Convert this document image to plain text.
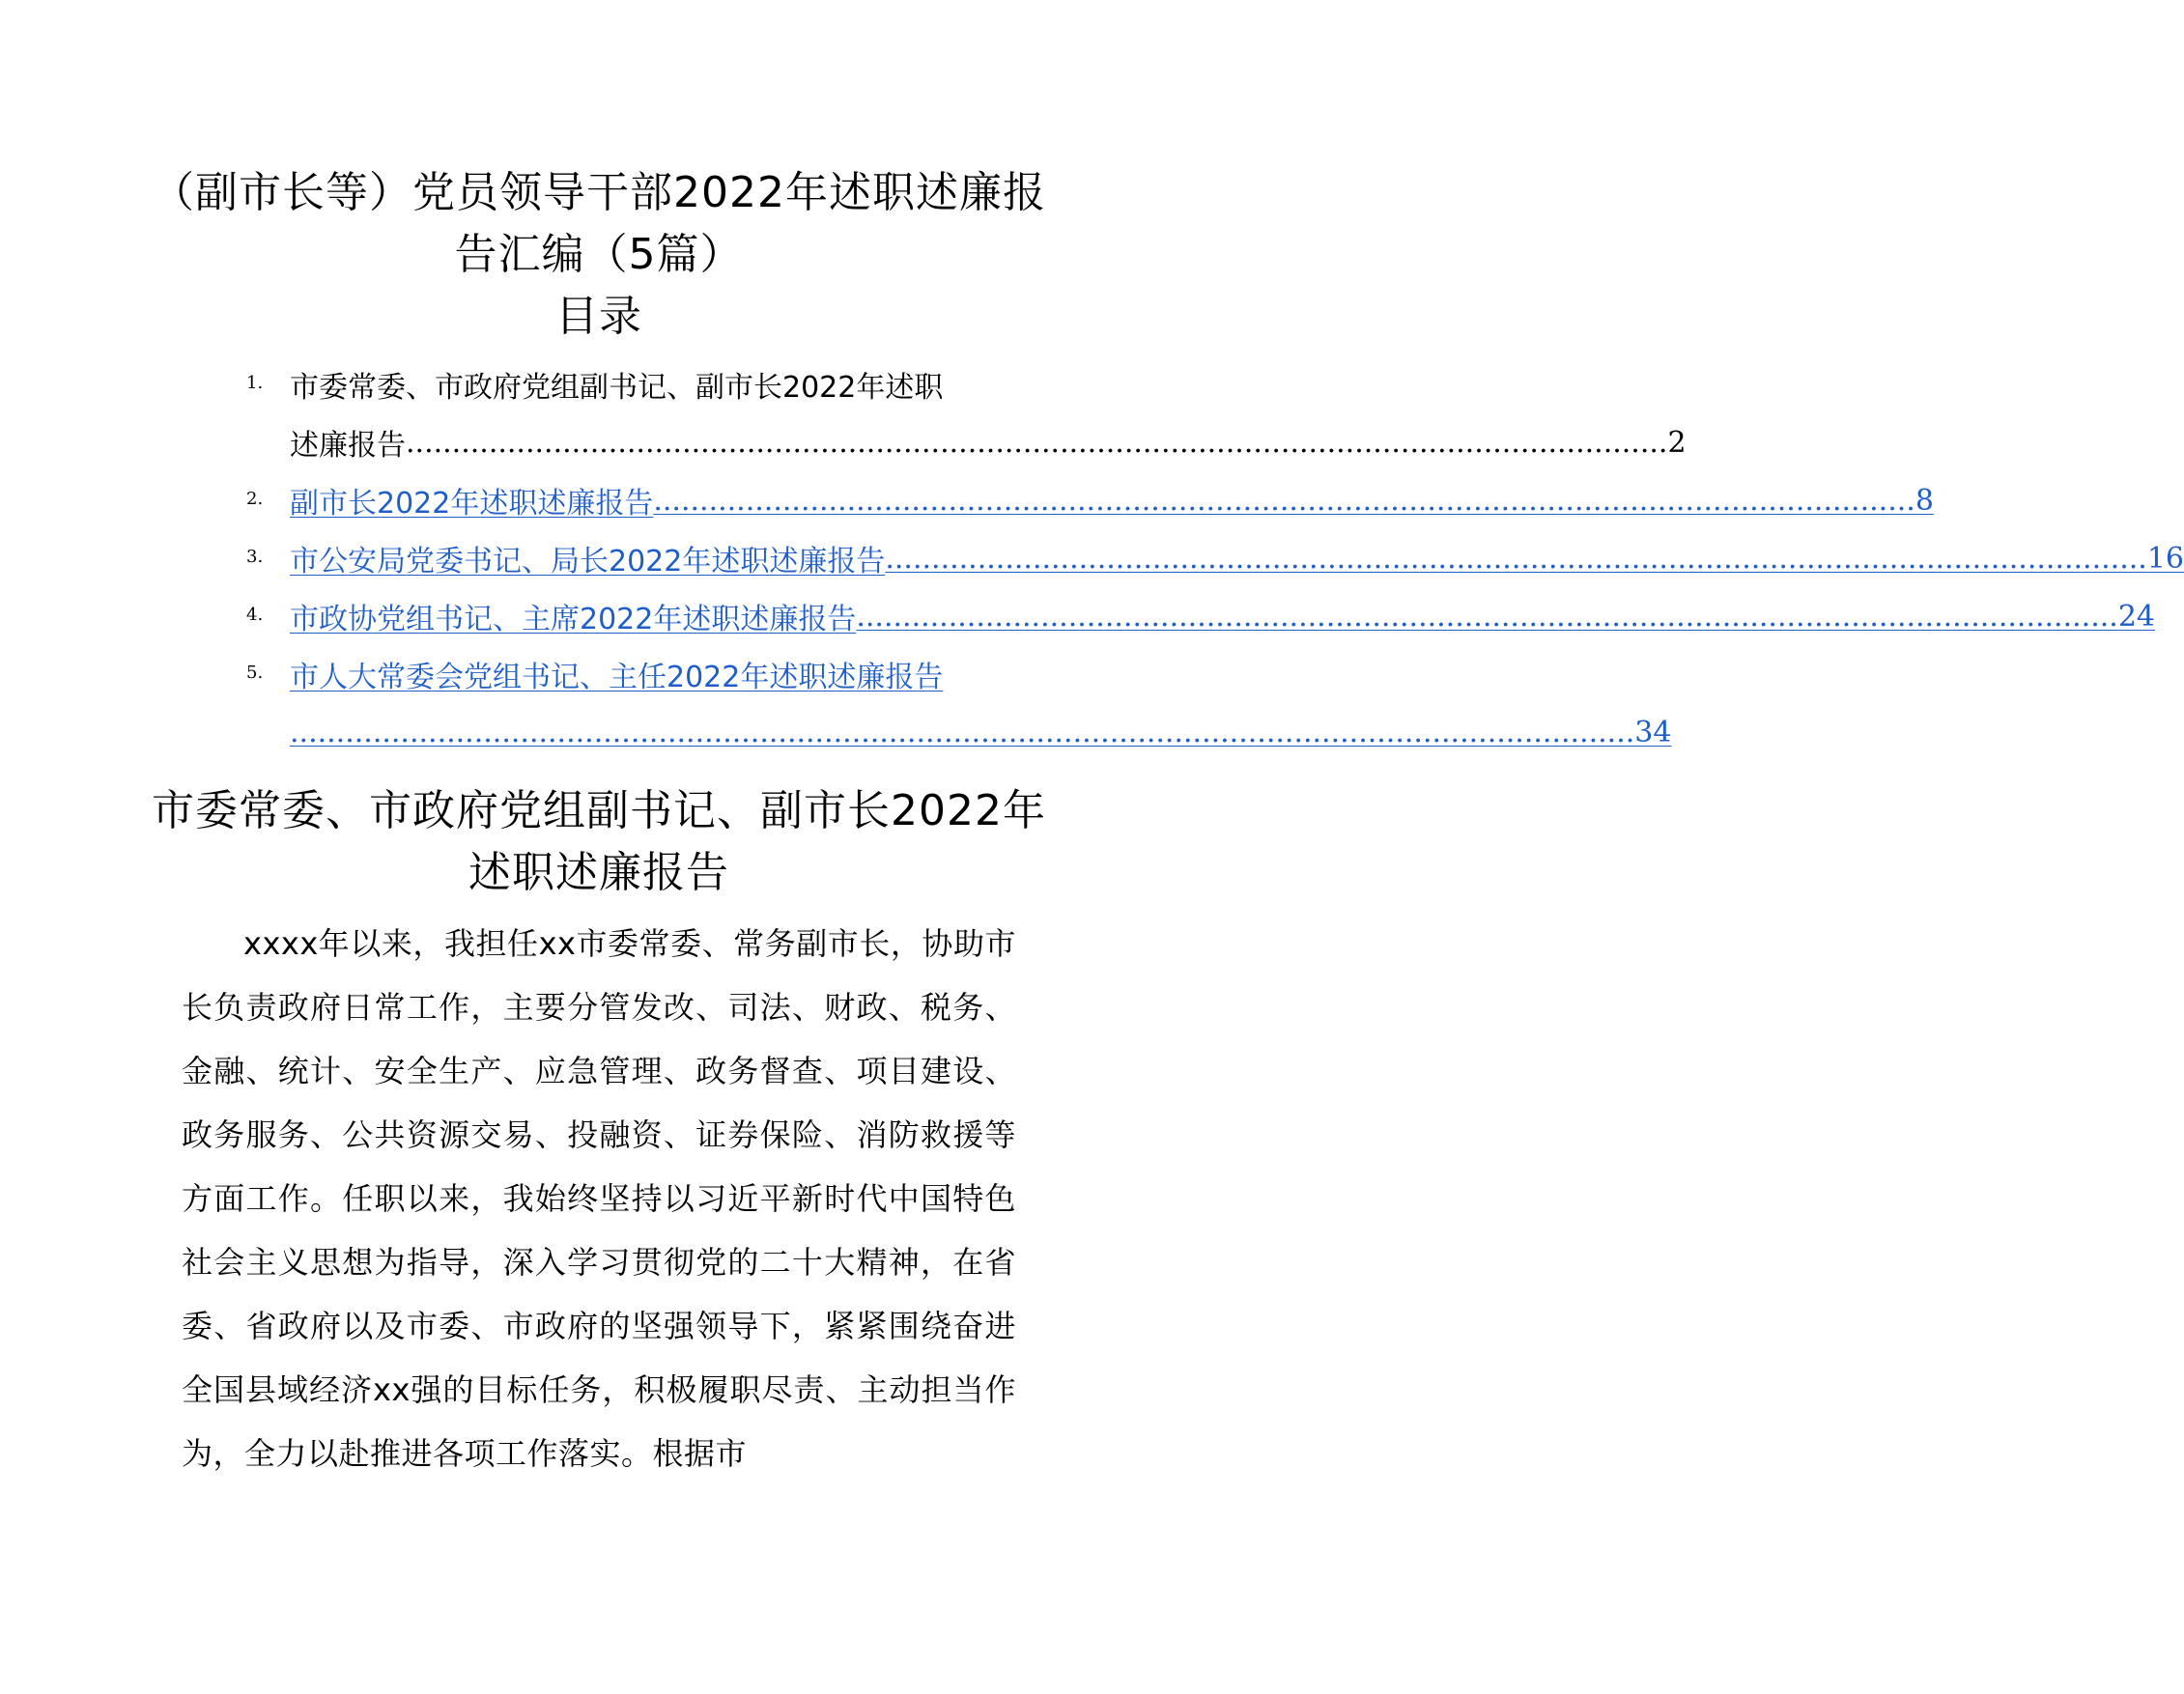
（副市长等）党员领导干部2022年述职述廉报告汇编（5篇）
目录
1. 市委常委、市政府党组副书记、副市长2022年述职
述廉报告 ......................................................................................................................................... 2
2. 副市长2022年述职述廉报告 ......................................................................................................................................... 8
3. 市公安局党委书记、局长2022年述职述廉报告 ......................................................................................................................................... 16
4. 市政协党组书记、主席2022年述职述廉报告 ......................................................................................................................................... 24
5. 市人大常委会党组书记、主任2022年述职述廉报告
.................................................................................................................................................. 34
市委常委、市政府党组副书记、副市长2022年述职述廉报告

xxxx年以来，我担任xx市委常委、常务副市长，协助市长负责政府日常工作，主要分管发改、司法、财政、税务、金融、统计、安全生产、应急管理、政务督查、项目建设、政务服务、公共资源交易、投融资、证券保险、消防救援等方面工作。任职以来，我始终坚持以习近平新时代中国特色社会主义思想为指导，深入学习贯彻党的二十大精神，在省委、省政府以及市委、市政府的坚强领导下，紧紧围绕奋进全国县域经济xx强的目标任务，积极履职尽责、主动担当作为，全力以赴推进各项工作落实。根据市
